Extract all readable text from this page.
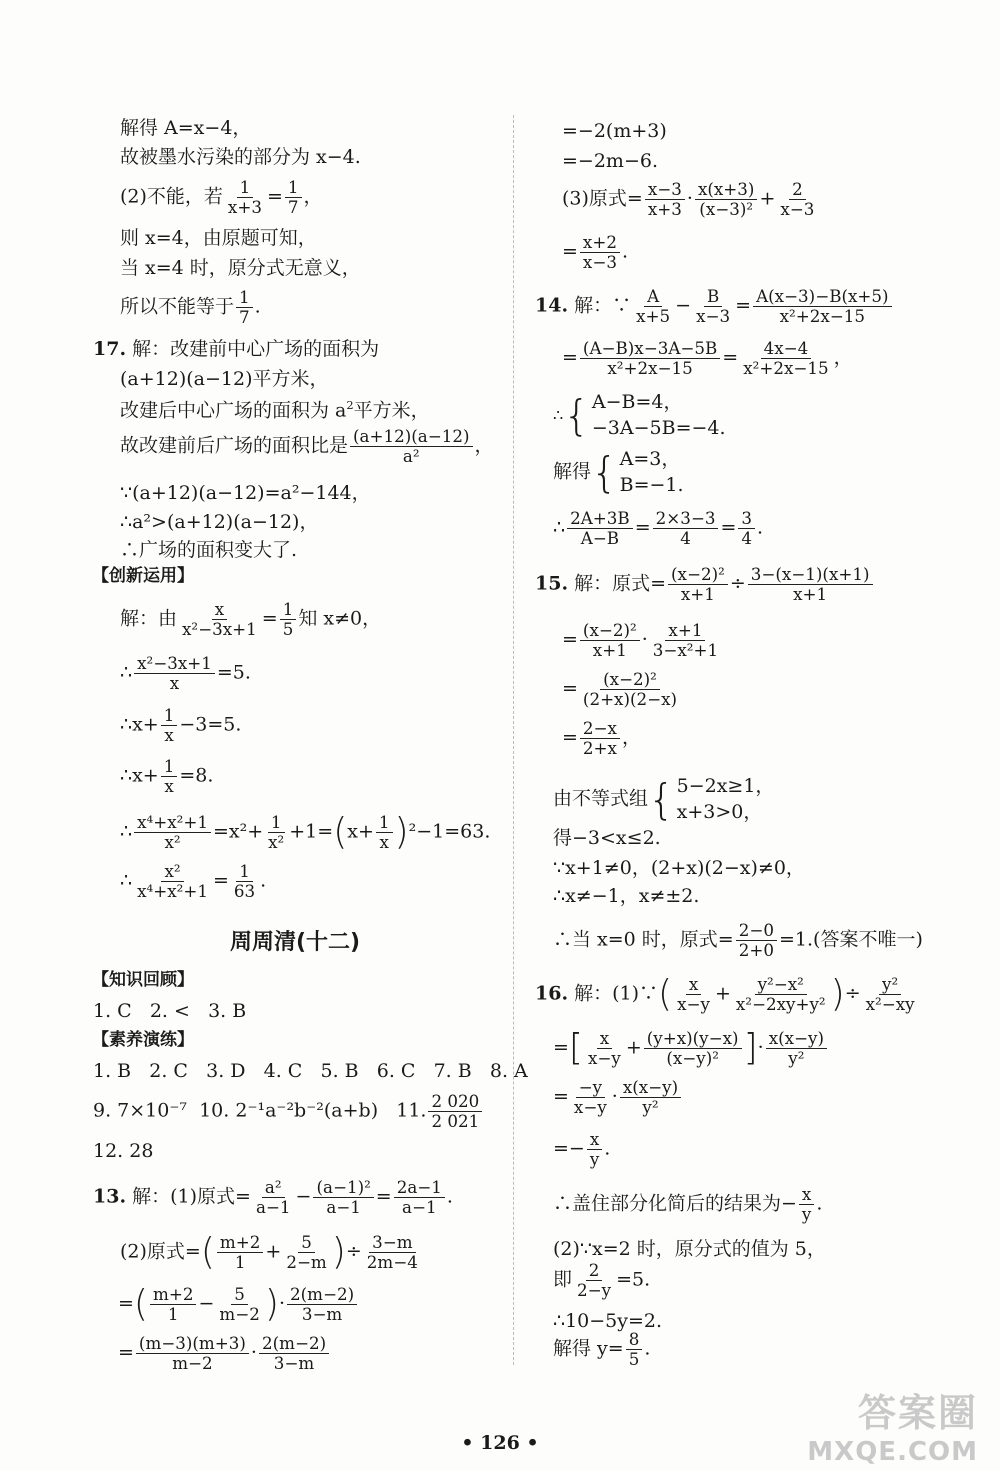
解得 A=x−4，
故被墨水污染的部分为 x−4.
(2)不能，若 $\frac{1}{x+3} = \frac{1}{7}$ ，
则 x=4，由原题可知，
当 x=4 时，原分式无意义，
所以不能等于 $\frac{1}{7}$ .
17. 解：改建前中心广场的面积为
(a+12)(a−12)平方米，
改建后中心广场的面积为 $a^2$平方米，
故改建前后广场的面积比是 $\frac{(a+12)(a-12)}{\text{a²}}$ ，
∵(a+12)(a−12)=a²−144，
∴a²>(a+12)(a−12)，
∴广场的面积变大了.
【创新运用】
解：由 $\frac{x}{\text{x²−3x+1}} = \frac{1}{5}$ 知 x≠0，
∴ $\frac{\text{x²−3x+1}}{x} =5$.
∴x+ $\frac{1}{x} -3=5$.
∴x+ $\frac{1}{x} =8$.
∴ $\frac{\text{x⁴+x²+1}}{\text{x²}} =x^2+ \frac{1}{\text{x²}} +1=(x+ \frac{1}{x} )^2-1=63$.
∴ $\frac{\text{x²}}{\text{x⁴+x²+1}} = \frac{1}{63}$ .
周周清(十二)
【知识回顾】
1. C 2. < 3. B
【素养演练】
1. B 2. C 3. D 4. C 5. B 6. C 7. B 8. A
9. 7×10⁻⁷ 10. 2⁻¹a⁻²b⁻²(a+b) 11. $\frac{2 020}{2 021}$
12. 28
13. 解：(1)原式= $\frac{\text{a²}}{a-1} - \frac{\text{(a−1)²}}{a-1} = \frac{2a-1}{a-1}$ .
(2)原式=( $\frac{m+2}{1} + \frac{5}{2-m}$ )÷ $\frac{3-m}{2m-4}$
=( $\frac{m+2}{1} - \frac{5}{m-2}$ )· $\frac{2(m-2)}{3-m}$
= $\frac{(m-3)(m+3)}{m-2} \cdot \frac{2(m-2)}{3-m}$
=−2(m+3)
=−2m−6.
(3)原式= $\frac{x-3}{x+3} \cdot \frac{x(x+3)}{\text{(x−3)²}} + \frac{2}{x-3}$
= $\frac{x+2}{x-3}$ .
14. 解：∵ $\frac{A}{x+5} - \frac{B}{x-3} = \frac{A(x-3)-B(x+5)}{\text{x²+2x−15}}$
= $\frac{(A-B)x-3A-5B}{\text{x²+2x−15}} = \frac{4x-4}{\text{x²+2x−15}}$ ，
∴{ A−B=4，
−3A−5B=−4.
解得{ A=3，
B=−1.
∴ $\frac{2A+3B}{A-B} = \frac{2\times 3-3}{4} = \frac{3}{4}$ .
15. 解：原式= $\frac{\text{(x−2)²}}{x+1} \div \frac{3-(x-1)(x+1)}{x+1}$
= $\frac{\text{(x−2)²}}{x+1} \cdot \frac{x+1}{\text{3−x²+1}}$
= $\frac{\text{(x−2)²}}{(2+x)(2-x)}$
= $\frac{2-x}{2+x}$ ，
由不等式组{ 5−2x≥1，
x+3>0，
得−3<x≤2.
∵x+1≠0，(2+x)(2−x)≠0，
∴x≠−1，x≠±2.
∴当 x=0 时，原式= $\frac{2-0}{2+0} =1$.(答案不唯一)
16. 解：(1)∵( $\frac{x}{x-y} + \frac{\text{y²−x²}}{\text{x²−2xy+y²}}$ )÷ $\frac{\text{y²}}{\text{x²−xy}}$
=[ $\frac{x}{x-y} + \frac{(y+x)(y-x)}{\text{(x−y)²}}$ ]· $\frac{x(x-y)}{\text{y²}}$
= $\frac{-y}{x-y} \cdot \frac{x(x-y)}{\text{y²}}$
=− $\frac{x}{y}$ .
∴盖住部分化简后的结果为− $\frac{x}{y}$ .
(2)∵x=2 时，原分式的值为 5，
即 $\frac{2}{2-y} =5$.
∴10−5y=2.
解得 $y= \frac{8}{5}$ .
• 126 •
答案圈
MXQE.COM
